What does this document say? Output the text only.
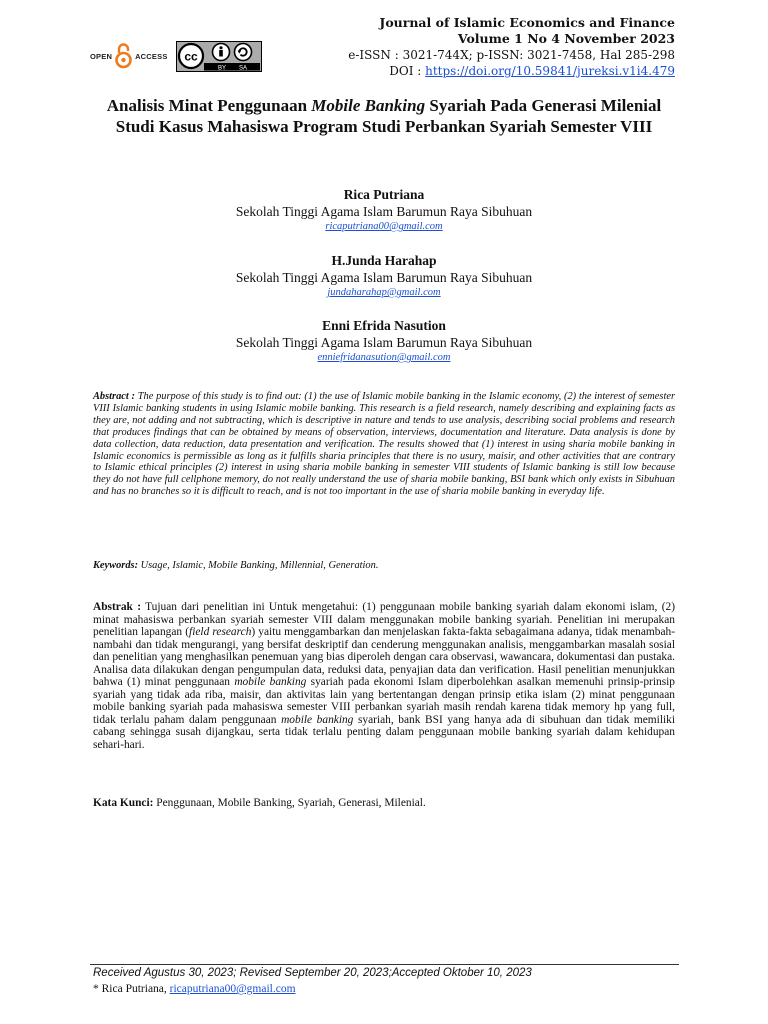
OPEN	ACCESS cc
BY SA
Journal of Islamic Economics and Finance
Volume 1 No 4 November 2023
e-ISSN : 3021-744X; p-ISSN: 3021-7458, Hal 285-298
DOI : https://doi.org/10.59841/jureksi.v1i4.479
Analisis Minat Penggunaan Mobile Banking Syariah Pada Generasi Milenial Studi Kasus Mahasiswa Program Studi Perbankan Syariah Semester VIII
Rica Putriana
Sekolah Tinggi Agama Islam Barumun Raya Sibuhuan
ricaputriana00@gmail.com
H.Junda Harahap
Sekolah Tinggi Agama Islam Barumun Raya Sibuhuan
jundaharahap@gmail.com
Enni Efrida Nasution
Sekolah Tinggi Agama Islam Barumun Raya Sibuhuan
enniefridanasution@gmail.com
Abstract : The purpose of this study is to find out: (1) the use of Islamic mobile banking in the Islamic economy, (2) the interest of semester VIII Islamic banking students in using Islamic mobile banking. This research is a field research, namely describing and explaining facts as they are, not adding and not subtracting, which is descriptive in nature and tends to use analysis, describing social problems and research that produces findings that can be obtained by means of observation, interviews, documentation and literature. Data analysis is done by data collection, data reduction, data presentation and verification. The results showed that (1) interest in using sharia mobile banking in Islamic economics is permissible as long as it fulfills sharia principles that there is no usury, maisir, and other activities that are contrary to Islamic ethical principles (2) interest in using sharia mobile banking in semester VIII students of Islamic banking is still low because they do not have full cellphone memory, do not really understand the use of sharia mobile banking, BSI bank which only exists in Sibuhuan and has no branches so it is difficult to reach, and is not too important in the use of sharia mobile banking in everyday life.
Keywords: Usage, Islamic, Mobile Banking, Millennial, Generation.
Abstrak : Tujuan dari penelitian ini Untuk mengetahui: (1) penggunaan mobile banking syariah dalam ekonomi islam, (2) minat mahasiswa perbankan syariah semester VIII dalam menggunakan mobile banking syariah. Penelitian ini merupakan penelitian lapangan (field research) yaitu menggambarkan dan menjelaskan fakta-fakta sebagaimana adanya, tidak menambah-nambahi dan tidak mengurangi, yang bersifat deskriptif dan cenderung menggunakan analisis, menggambarkan masalah sosial dan penelitian yang menghasilkan penemuan yang bias diperoleh dengan cara observasi, wawancara, dokumentasi dan pustaka. Analisa data dilakukan dengan pengumpulan data, reduksi data, penyajian data dan verification. Hasil penelitian menunjukkan bahwa (1) minat penggunaan mobile banking syariah pada ekonomi Islam diperbolehkan asalkan memenuhi prinsip-prinsip syariah yang tidak ada riba, maisir, dan aktivitas lain yang bertentangan dengan prinsip etika islam (2) minat penggunaan mobile banking syariah pada mahasiswa semester VIII perbankan syariah masih rendah karena tidak memory hp yang full, tidak terlalu paham dalam penggunaan mobile banking syariah, bank BSI yang hanya ada di sibuhuan dan tidak memiliki cabang sehingga susah dijangkau, serta tidak terlalu penting dalam penggunaan mobile banking syariah dalam kehidupan sehari-hari.
Kata Kunci: Penggunaan, Mobile Banking, Syariah, Generasi, Milenial.
Received Agustus 30, 2023; Revised September 20, 2023;Accepted Oktober 10, 2023
* Rica Putriana, ricaputriana00@gmail.com
